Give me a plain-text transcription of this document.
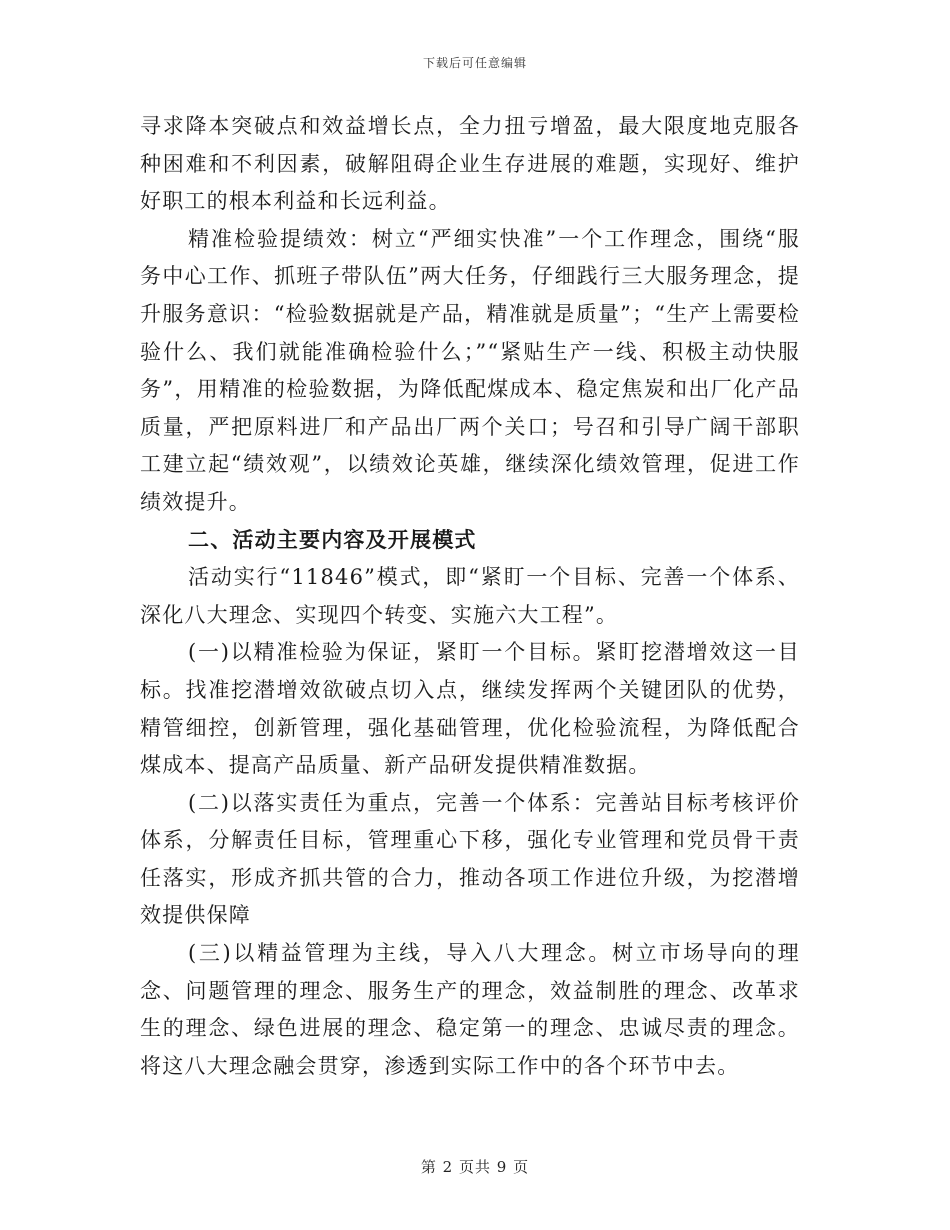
下载后可任意编辑

寻求降本突破点和效益增长点，全力扭亏增盈，最大限度地克服各种困难和不利因素，破解阻碍企业生存进展的难题，实现好、维护好职工的根本利益和长远利益。

精准检验提绩效：树立“严细实快准”一个工作理念，围绕“服务中心工作、抓班子带队伍”两大任务，仔细践行三大服务理念，提升服务意识：“检验数据就是产品，精准就是质量”；“生产上需要检验什么、我们就能准确检验什么；”“紧贴生产一线、积极主动快服务”，用精准的检验数据，为降低配煤成本、稳定焦炭和出厂化产品质量，严把原料进厂和产品出厂两个关口；号召和引导广阔干部职工建立起“绩效观”，以绩效论英雄，继续深化绩效管理，促进工作绩效提升。

二、活动主要内容及开展模式

活动实行“11846”模式，即“紧盯一个目标、完善一个体系、深化八大理念、实现四个转变、实施六大工程”。

(一)以精准检验为保证，紧盯一个目标。紧盯挖潜增效这一目标。找准挖潜增效欲破点切入点，继续发挥两个关键团队的优势，精管细控，创新管理，强化基础管理，优化检验流程，为降低配合煤成本、提高产品质量、新产品研发提供精准数据。

(二)以落实责任为重点，完善一个体系：完善站目标考核评价体系，分解责任目标，管理重心下移，强化专业管理和党员骨干责任落实，形成齐抓共管的合力，推动各项工作进位升级，为挖潜增效提供保障

(三)以精益管理为主线，导入八大理念。树立市场导向的理念、问题管理的理念、服务生产的理念，效益制胜的理念、改革求生的理念、绿色进展的理念、稳定第一的理念、忠诚尽责的理念。将这八大理念融会贯穿，渗透到实际工作中的各个环节中去。

第 2 页共 9 页
